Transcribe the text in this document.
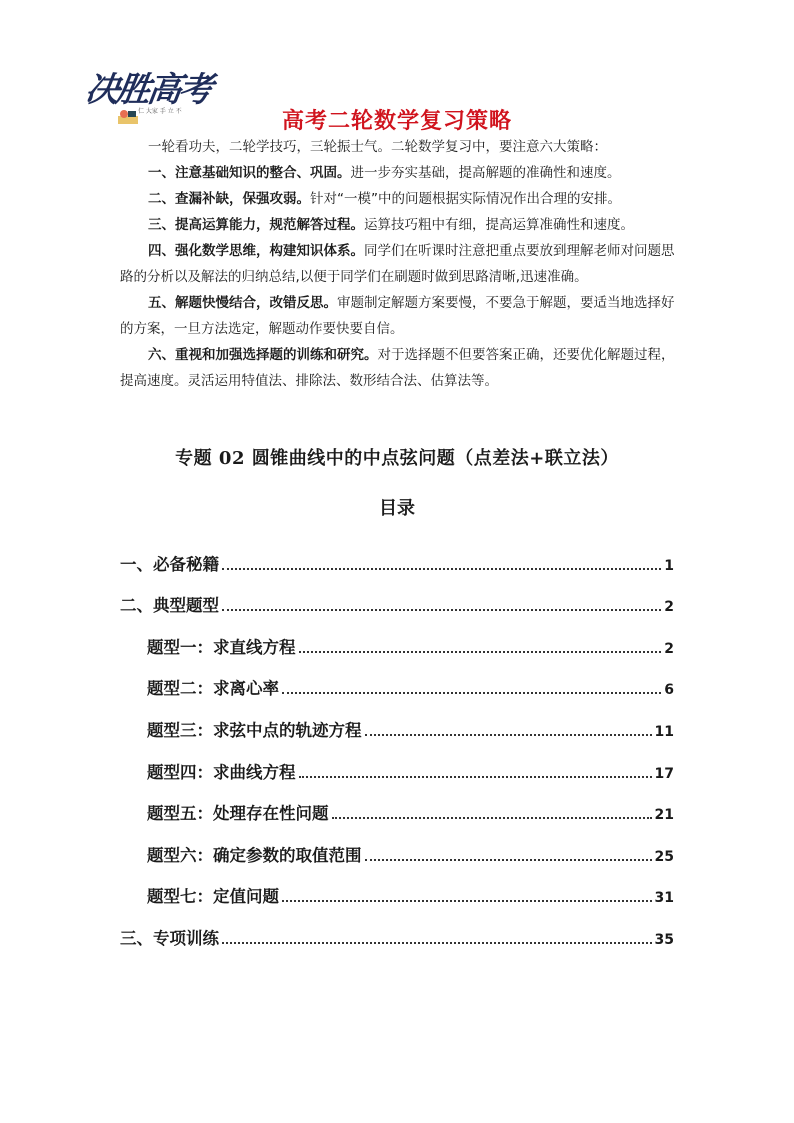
决胜高考
仁 大家 手 立 不	高考二轮数学复习策略

一轮看功夫，二轮学技巧，三轮振士气。二轮数学复习中，要注意六大策略：

一、注意基础知识的整合、巩固。进一步夯实基础，提高解题的准确性和速度。

二、查漏补缺，保强攻弱。针对“一模”中的问题根据实际情况作出合理的安排。

三、提高运算能力，规范解答过程。运算技巧粗中有细，提高运算准确性和速度。

四、强化数学思维，构建知识体系。同学们在听课时注意把重点要放到理解老师对问题思路的分析以及解法的归纳总结,以便于同学们在刷题时做到思路清晰,迅速准确。

五、解题快慢结合，改错反思。审题制定解题方案要慢，不要急于解题，要适当地选择好的方案，一旦方法选定，解题动作要快要自信。

六、重视和加强选择题的训练和研究。对于选择题不但要答案正确，还要优化解题过程，提高速度。灵活运用特值法、排除法、数形结合法、估算法等。

专题 02 圆锥曲线中的中点弦问题（点差法+联立法）
目录
一、必备秘籍	1
二、典型题型	2
题型一：求直线方程	2
题型二：求离心率	6
题型三：求弦中点的轨迹方程	11
题型四：求曲线方程	17
题型五：处理存在性问题	21
题型六：确定参数的取值范围	25
题型七：定值问题	31
三、专项训练	35
